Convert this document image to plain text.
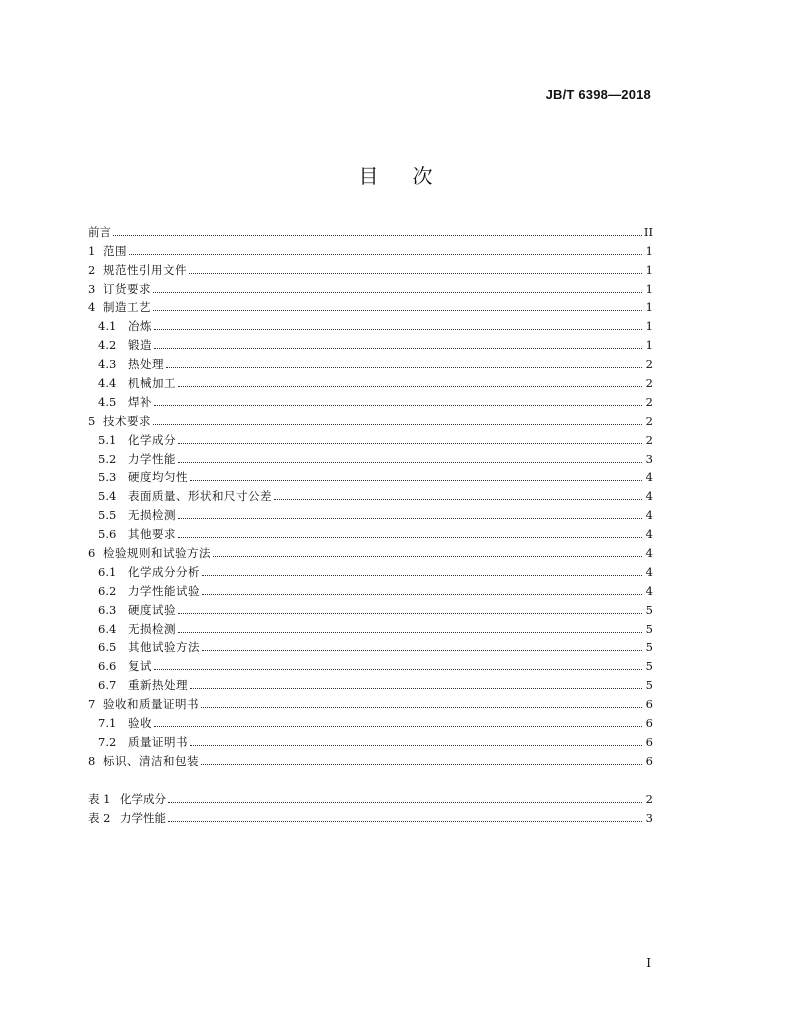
JB/T 6398—2018
目次
前言	II
1 范围	1
2 规范性引用文件	1
3 订货要求	1
4 制造工艺	1
4.1	冶炼	1
4.2	锻造	1
4.3	热处理	2
4.4	机械加工	2
4.5	焊补	2
5 技术要求	2
5.1	化学成分	2
5.2	力学性能	3
5.3	硬度均匀性	4
5.4	表面质量、形状和尺寸公差	4
5.5	无损检测	4
5.6	其他要求	4
6 检验规则和试验方法	4
6.1	化学成分分析	4
6.2	力学性能试验	4
6.3	硬度试验	5
6.4	无损检测	5
6.5	其他试验方法	5
6.6	复试	5
6.7	重新热处理	5
7 验收和质量证明书	6
7.1	验收	6
7.2	质量证明书	6
8 标识、清洁和包装	6
表 1 化学成分	2
表 2 力学性能	3
I
